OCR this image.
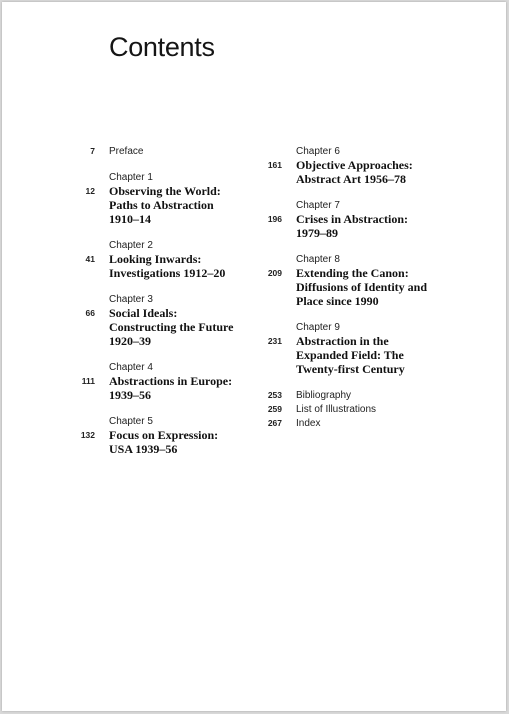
Contents
7 Preface
12
Chapter 1
Observing the World:
Paths to Abstraction
1910–14
41
Chapter 2
Looking Inwards:
Investigations 1912–20
66
Chapter 3
Social Ideals:
Constructing the Future
1920–39
111
Chapter 4
Abstractions in Europe:
1939–56
132
Chapter 5
Focus on Expression:
USA 1939–56
161
Chapter 6
Objective Approaches:
Abstract Art 1956–78
196
Chapter 7
Crises in Abstraction:
1979–89
209
Chapter 8
Extending the Canon:
Diffusions of Identity and
Place since 1990
231
Chapter 9
Abstraction in the
Expanded Field: The
Twenty-first Century
253 Bibliography
259 List of Illustrations
267 Index
